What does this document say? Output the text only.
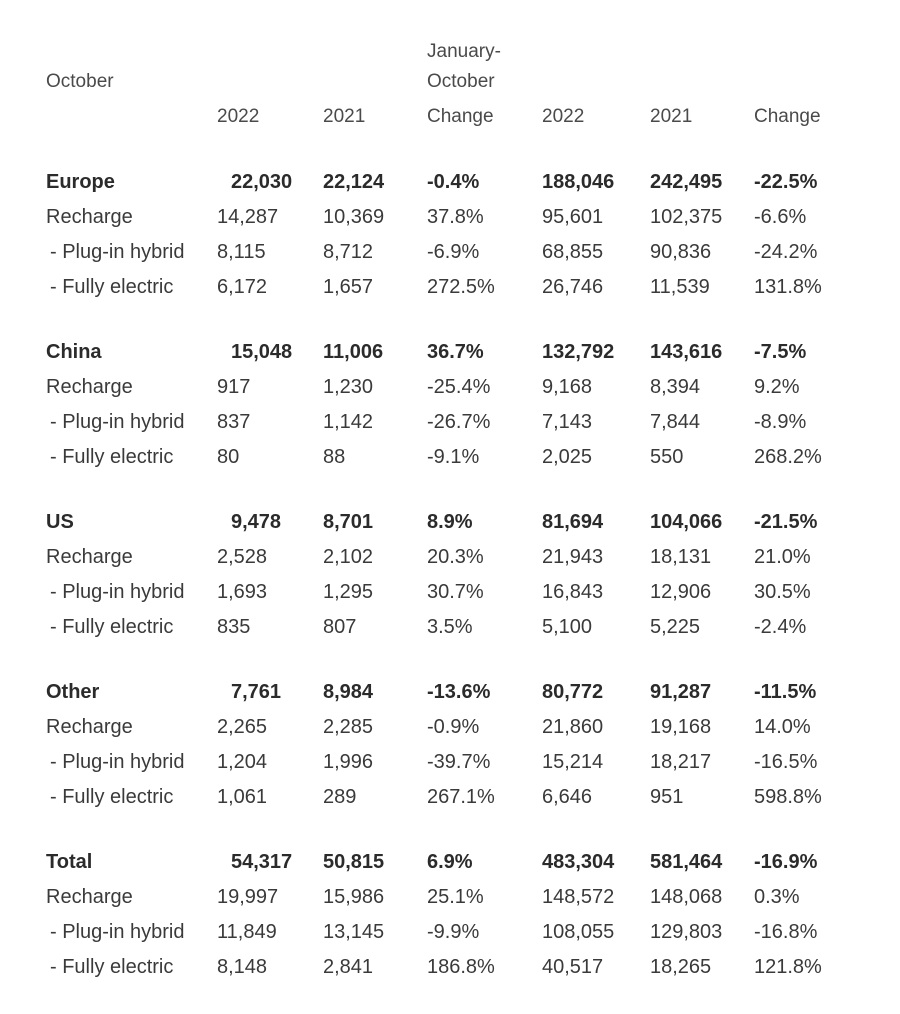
October
January-
October
2022	2021	Change	2022	2021	Change
Europe	22,030 22,124 -0.4%	188,046 242,495 -22.5%
Recharge	14,287 10,369 37.8%	95,601 102,375 -6.6%
- Plug-in hybrid 8,115	8,712	-6.9%	68,855 90,836 -24.2%
- Fully electric 6,172	1,657	272.5% 26,746 11,539 131.8%
China	15,048 11,006 36.7%	132,792 143,616 -7.5%
Recharge	917	1,230	-25.4%	9,168	8,394	9.2%
- Plug-in hybrid 837	1,142	-26.7%	7,143	7,844	-8.9%
- Fully electric 80	88	-9.1%	2,025	550	268.2%
US	9,478 8,701	8.9%	81,694 104,066 -21.5%
Recharge	2,528	2,102	20.3%	21,943 18,131 21.0%
- Plug-in hybrid 1,693	1,295	30.7%	16,843 12,906 30.5%
- Fully electric 835	807	3.5%	5,100	5,225	-2.4%
Other	7,761 8,984	-13.6%	80,772 91,287 -11.5%
Recharge	2,265	2,285	-0.9%	21,860 19,168 14.0%
- Plug-in hybrid 1,204	1,996	-39.7%	15,214 18,217 -16.5%
- Fully electric 1,061	289	267.1% 6,646	951	598.8%
Total	54,317 50,815 6.9%	483,304 581,464 -16.9%
Recharge	19,997 15,986 25.1%	148,572 148,068 0.3%
- Plug-in hybrid 11,849 13,145 -9.9%	108,055 129,803 -16.8%
- Fully electric 8,148	2,841	186.8% 40,517 18,265 121.8%
